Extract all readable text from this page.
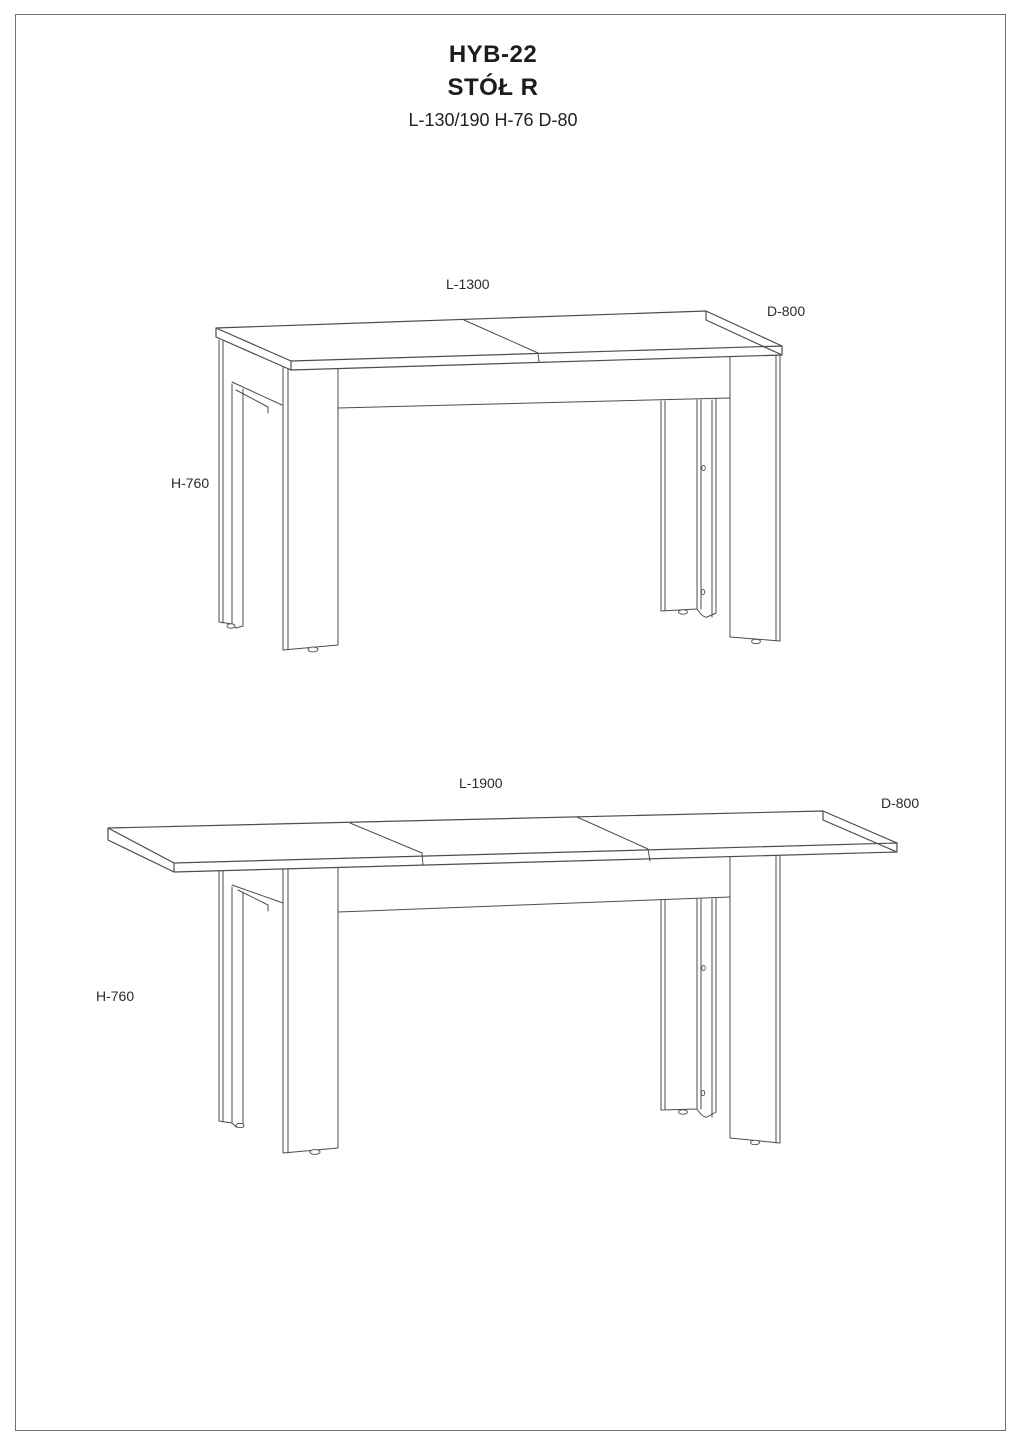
HYB-22
STÓŁ R
L-130/190 H-76 D-80
L-1300
D-800
H-760
L-1900
D-800
H-760
